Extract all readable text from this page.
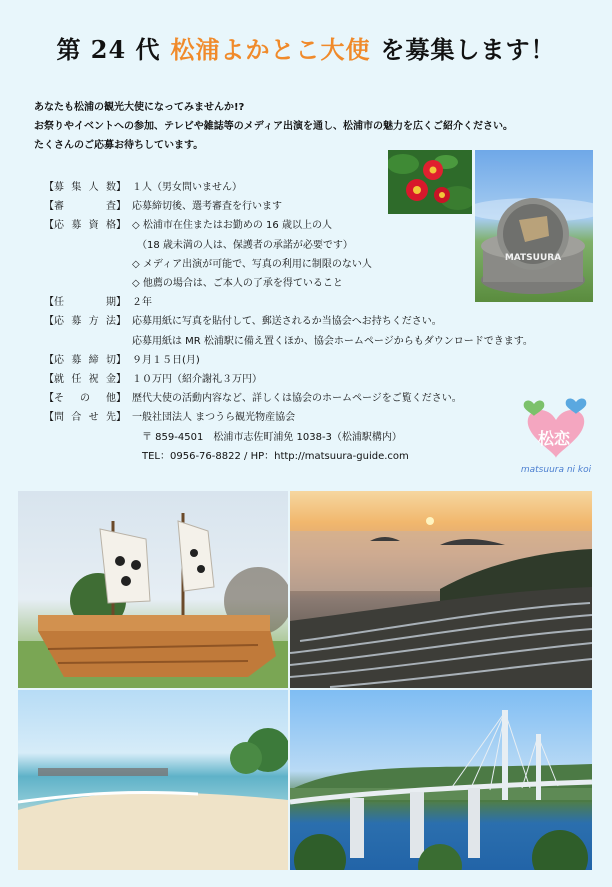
第 24 代 松浦よかとこ大使 を募集します！
あなたも松浦の観光大使になってみませんか!?
お祭りやイベントへの参加、テレビや雑誌等のメディア出演を通し、松浦市の魅力を広くご紹介ください。
たくさんのご応募お待ちしています。
【 募集人数 】 １人（男女問いません）
【 審 査 】 応募締切後、選考審査を行います
【 応募資格 】 ◇ 松浦市在住またはお勤めの 16 歳以上の人
　（18 歳未満の人は、保護者の承諾が必要です）
◇ メディア出演が可能で、写真の利用に制限のない人
◇ 他薦の場合は、ご本人の了承を得ていること
【 任 期 】 ２年
【 応募方法 】 応募用紙に写真を貼付して、郵送されるか当協会へお持ちください。
応募用紙は MR 松浦駅に備え置くほか、協会ホームページからもダウンロードできます。
【 応募締切 】 ９月１５日(月)
【 就任祝金 】 １０万円（紹介謝礼３万円）
【 そ の 他 】 歴代大使の活動内容など、詳しくは協会のホームページをご覧ください。
【 問合せ先 】 一般社団法人 まつうら観光物産協会
　〒 859-4501　松浦市志佐町浦免 1038-3（松浦駅構内）
　TEL：0956-76-8822 / HP：http://matsuura-guide.com
MATSUURA
松恋
matsuura ni koi
